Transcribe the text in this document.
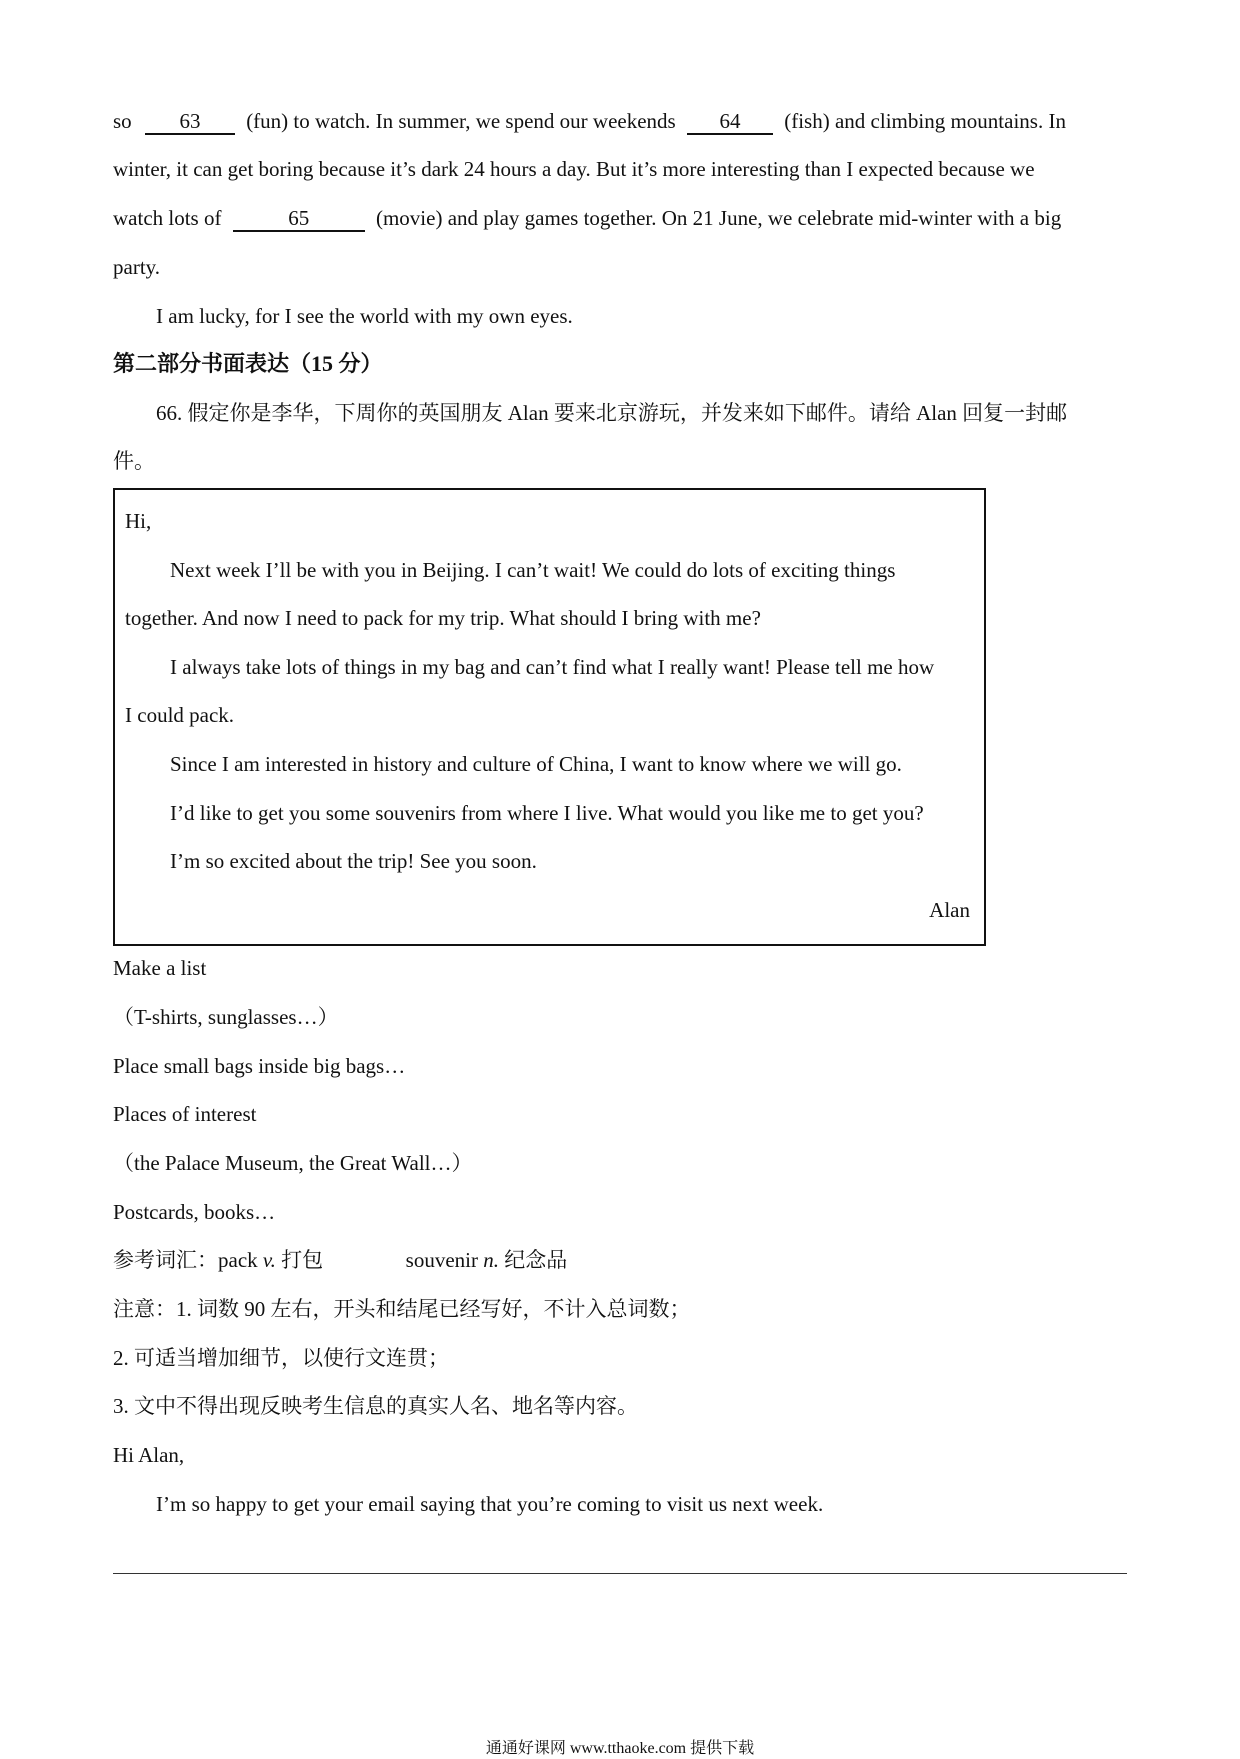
so 63 (fun) to watch. In summer, we spend our weekends 64 (fish) and climbing mountains. In
winter, it can get boring because it’s dark 24 hours a day. But it’s more interesting than I expected because we
watch lots of	65	(movie) and play games together. On 21 June, we celebrate mid-winter with a big
party.
I am lucky, for I see the world with my own eyes.
第二部分书面表达（15 分）
66. 假定你是李华，下周你的英国朋友 Alan 要来北京游玩，并发来如下邮件。请给 Alan 回复一封邮
件。
Hi,
Next week I’ll be with you in Beijing. I can’t wait! We could do lots of exciting things
together. And now I need to pack for my trip. What should I bring with me?
I always take lots of things in my bag and can’t find what I really want! Please tell me how
I could pack.
Since I am interested in history and culture of China, I want to know where we will go.
I’d like to get you some souvenirs from where I live. What would you like me to get you?
I’m so excited about the trip! See you soon.
Alan
Make a list
（T-shirts, sunglasses…）
Place small bags inside big bags…
Places of interest
（the Palace Museum, the Great Wall…）
Postcards, books…
参考词汇：pack v. 打包	souvenir n. 纪念品
注意：1. 词数 90 左右，开头和结尾已经写好，不计入总词数；
2. 可适当增加细节，以使行文连贯；
3. 文中不得出现反映考生信息的真实人名、地名等内容。
Hi Alan,
I’m so happy to get your email saying that you’re coming to visit us next week.
通通好课网 www.tthaoke.com 提供下载
